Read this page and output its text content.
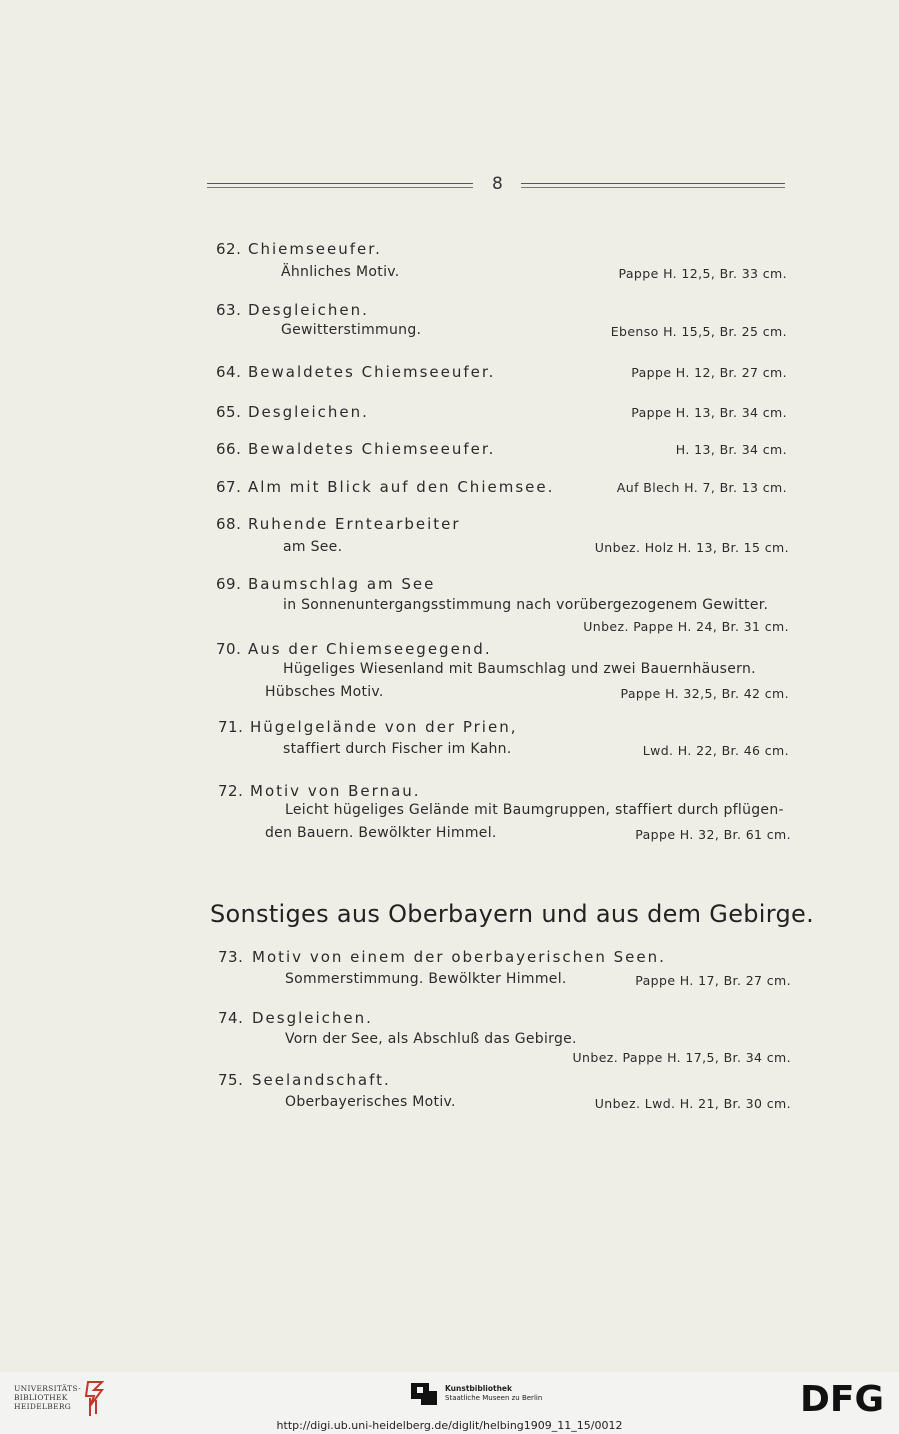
8
62. Chiemseeufer.
Ähnliches Motiv.	Pappe H. 12,5, Br. 33 cm.
63. Desgleichen.
Gewitterstimmung.	Ebenso H. 15,5, Br. 25 cm.
64. Bewaldetes Chiemseeufer.	Pappe H. 12, Br. 27 cm.
65. Desgleichen.	Pappe H. 13, Br. 34 cm.
66. Bewaldetes Chiemseeufer.	H. 13, Br. 34 cm.
67. Alm mit Blick auf den Chiemsee.	Auf Blech H. 7, Br. 13 cm.
68. Ruhende Erntearbeiter
am See.	Unbez. Holz H. 13, Br. 15 cm.
69. Baumschlag am See
in Sonnenuntergangsstimmung nach vorübergezogenem Gewitter.
Unbez. Pappe H. 24, Br. 31 cm.
70. Aus der Chiemseegegend.
Hügeliges Wiesenland mit Baumschlag und zwei Bauernhäusern.
Hübsches Motiv.	Pappe H. 32,5, Br. 42 cm.
71. Hügelgelände von der Prien,
staffiert durch Fischer im Kahn.	Lwd. H. 22, Br. 46 cm.
72. Motiv von Bernau.
Leicht hügeliges Gelände mit Baumgruppen, staffiert durch pflügen-
den Bauern. Bewölkter Himmel.	Pappe H. 32, Br. 61 cm.
Sonstiges aus Oberbayern und aus dem Gebirge.
73. Motiv von einem der oberbayerischen Seen.
Sommerstimmung. Bewölkter Himmel.	Pappe H. 17, Br. 27 cm.
74. Desgleichen.
Vorn der See, als Abschluß das Gebirge.
Unbez. Pappe H. 17,5, Br. 34 cm.
75. Seelandschaft.
Oberbayerisches Motiv.	Unbez. Lwd. H. 21, Br. 30 cm.
UNIVERSITÄTS-
BIBLIOTHEK
HEIDELBERG
Kunstbibliothek
Staatliche Museen zu Berlin	DFG
http://digi.ub.uni-heidelberg.de/diglit/helbing1909_11_15/0012
